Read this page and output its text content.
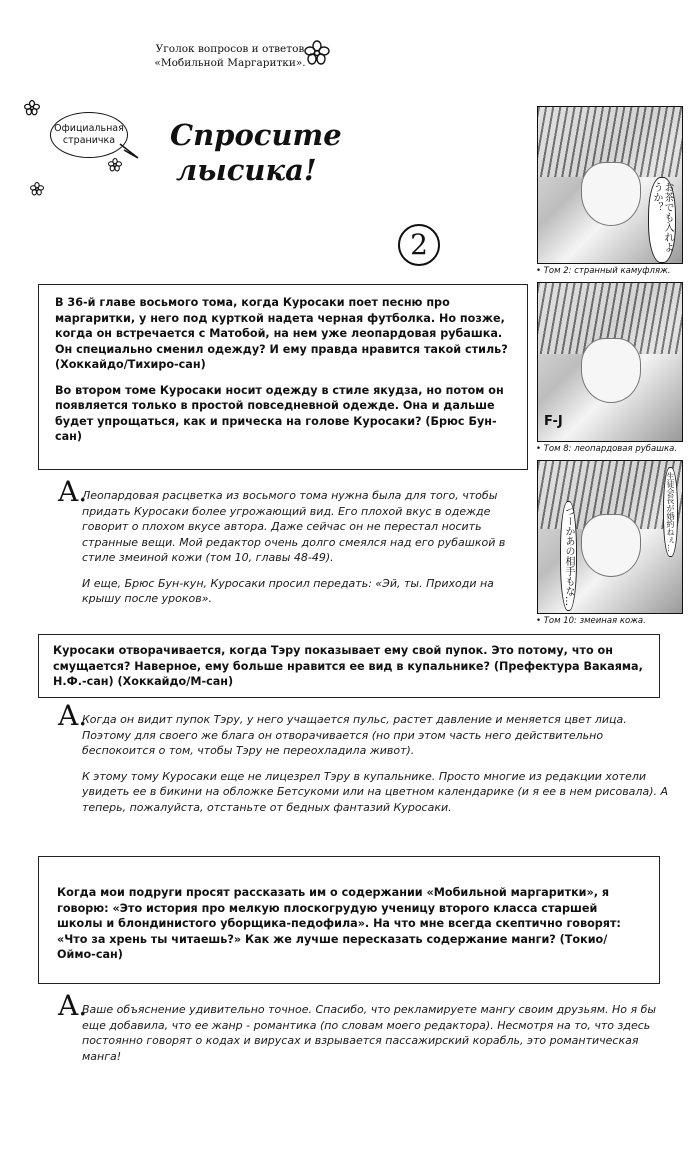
Уголок вопросов и ответов
«Мобильной Маргаритки».
Официальная
страничка	Спросите
лысика!
2

В 36-й главе восьмого тома, когда Куросаки поет песню про маргаритки, у него под курткой надета черная футболка. Но позже, когда он встречается с Матобой, на нем уже леопардовая рубашка. Он специально сменил одежду? И ему правда нравится такой стиль? (Хоккайдо/Тихиро-сан)

Во втором томе Куросаки носит одежду в стиле якудза, но потом он появляется только в простой повседневной одежде. Она и дальше будет упрощаться, как и прическа на голове Куросаки? (Брюс Бун-сан)

A.

Леопардовая расцветка из восьмого тома нужна была для того, чтобы придать Куросаки более угрожающий вид. Его плохой вкус в одежде говорит о плохом вкусе автора. Даже сейчас он не перестал носить странные вещи. Мой редактор очень долго смеялся над его рубашкой в стиле змеиной кожи (том 10, главы 48-49).

И еще, Брюс Бун-кун, Куросаки просил передать: «Эй, ты. Приходи на крышу после уроков».

Куросаки отворачивается, когда Тэру показывает ему свой пупок. Это потому, что он смущается? Наверное, ему больше нравится ее вид в купальнике? (Префектура Вакаяма, Н.Ф.-сан) (Хоккайдо/М-сан)

A.

Когда он видит пупок Тэру, у него учащается пульс, растет давление и меняется цвет лица. Поэтому для своего же блага он отворачивается (но при этом часть него действительно беспокоится о том, чтобы Тэру не переохладила живот).

К этому тому Куросаки еще не лицезрел Тэру в купальнике. Просто многие из редакции хотели увидеть ее в бикини на обложке Бетсукоми или на цветном календарике (и я ее в нем рисовала). А теперь, пожалуйста, отстаньте от бедных фантазий Куросаки.

Когда мои подруги просят рассказать им о содержании «Мобильной маргаритки», я говорю: «Это история про мелкую плоскогрудую ученицу второго класса старшей школы и блондинистого уборщика-педофила». На что мне всегда скептично говорят: «Что за хрень ты читаешь?» Как же лучше пересказать содержание манги? (Токио/Оймо-сан)

A.

Ваше объяснение удивительно точное. Спасибо, что рекламируете мангу своим друзьям. Но я бы еще добавила, что ее жанр - романтика (по словам моего редактора). Несмотря на то, что здесь постоянно говорят о кодах и вирусах и взрывается пассажирский корабль, это романтическая манга!

お茶でも入れようか？
• Том 2: странный камуфляж.
F-J
• Том 8: леопардовая рубашка.
つーかあの相手もな…	生徒会長が婚約ねぇ…
• Том 10: змеиная кожа.
